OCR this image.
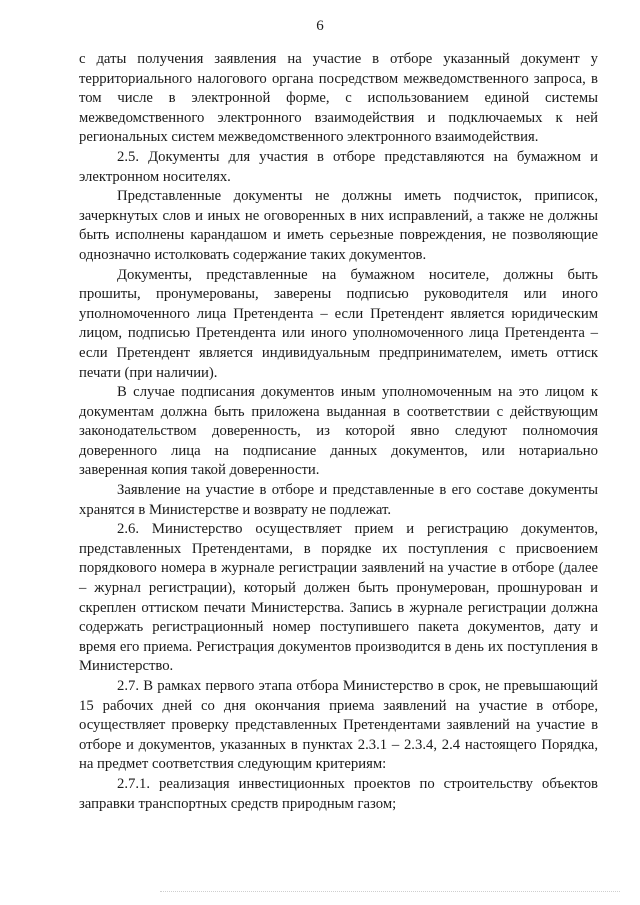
6

с даты получения заявления на участие в отборе указанный документ у территориального налогового органа посредством межведомственного запроса, в том числе в электронной форме, с использованием единой системы межведомственного электронного взаимодействия и подключаемых к ней региональных систем межведомственного электронного взаимодействия.

2.5. Документы для участия в отборе представляются на бумажном и электронном носителях.

Представленные документы не должны иметь подчисток, приписок, зачеркнутых слов и иных не оговоренных в них исправлений, а также не должны быть исполнены карандашом и иметь серьезные повреждения, не позволяющие однозначно истолковать содержание таких документов.

Документы, представленные на бумажном носителе, должны быть прошиты, пронумерованы, заверены подписью руководителя или иного уполномоченного лица Претендента – если Претендент является юридическим лицом, подписью Претендента или иного уполномоченного лица Претендента – если Претендент является индивидуальным предпринимателем, иметь оттиск печати (при наличии).

В случае подписания документов иным уполномоченным на это лицом к документам должна быть приложена выданная в соответствии с действующим законодательством доверенность, из которой явно следуют полномочия доверенного лица на подписание данных документов, или нотариально заверенная копия такой доверенности.

Заявление на участие в отборе и представленные в его составе документы хранятся в Министерстве и возврату не подлежат.

2.6. Министерство осуществляет прием и регистрацию документов, представленных Претендентами, в порядке их поступления с присвоением порядкового номера в журнале регистрации заявлений на участие в отборе (далее – журнал регистрации), который должен быть пронумерован, прошнурован и скреплен оттиском печати Министерства. Запись в журнале регистрации должна содержать регистрационный номер поступившего пакета документов, дату и время его приема. Регистрация документов производится в день их поступления в Министерство.

2.7. В рамках первого этапа отбора Министерство в срок, не превышающий 15 рабочих дней со дня окончания приема заявлений на участие в отборе, осуществляет проверку представленных Претендентами заявлений на участие в отборе и документов, указанных в пунктах 2.3.1 – 2.3.4, 2.4 настоящего Порядка, на предмет соответствия следующим критериям:

2.7.1. реализация инвестиционных проектов по строительству объектов заправки транспортных средств природным газом;
